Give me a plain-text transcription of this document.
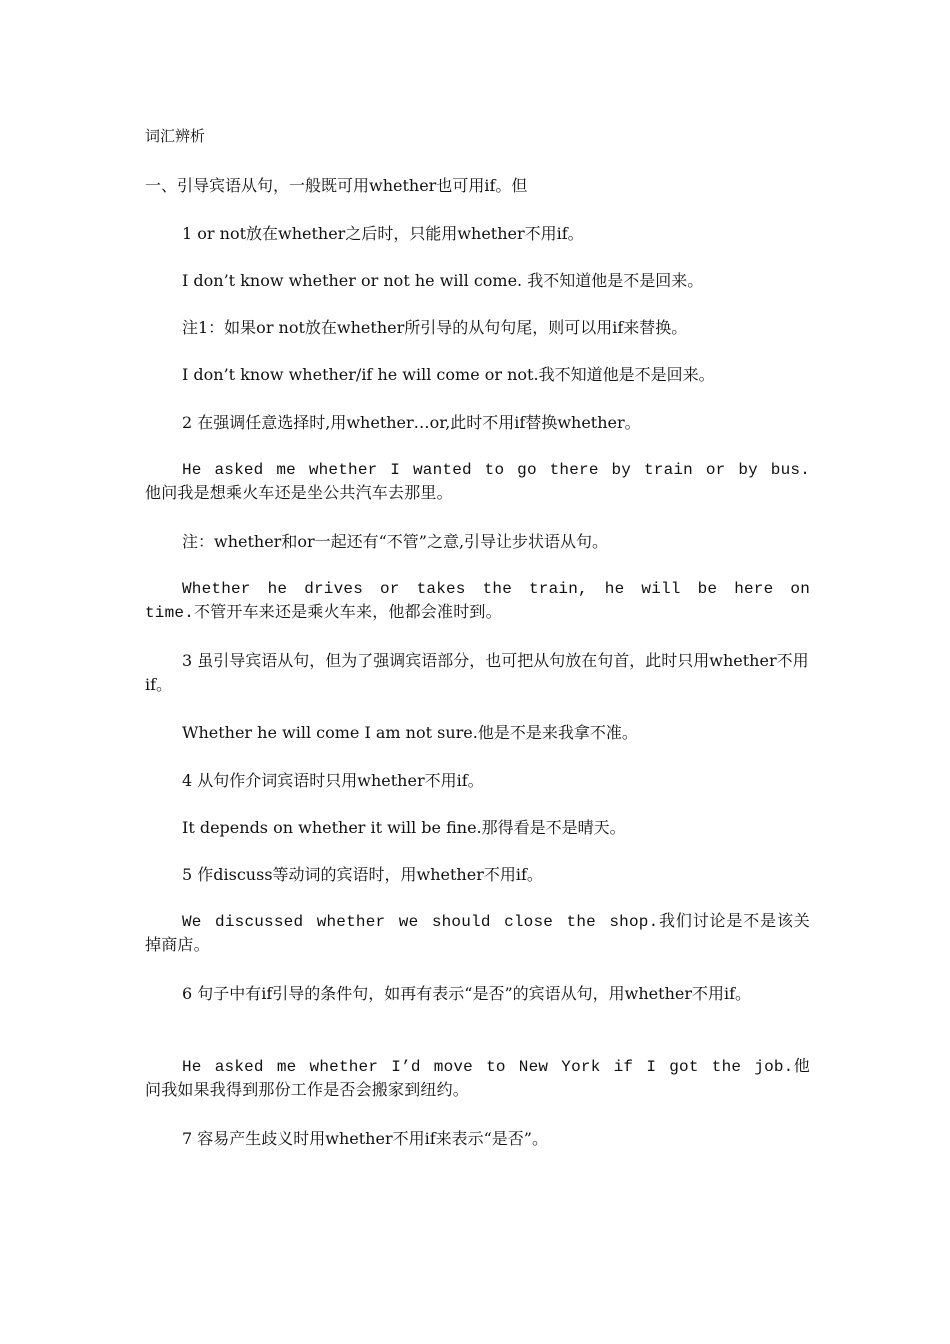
词汇辨析

一、引导宾语从句，一般既可用whether也可用if。但

1 or not放在whether之后时，只能用whether不用if。

I don’t know whether or not he will come. 我不知道他是不是回来。

注1：如果or not放在whether所引导的从句句尾，则可以用if来替换。

I don’t know whether/if he will come or not.我不知道他是不是回来。

2 在强调任意选择时,用whether…or,此时不用if替换whether。

He asked me whether I wanted to go there by train or by bus.他问我是想乘火车还是坐公共汽车去那里。

注：whether和or一起还有“不管”之意,引导让步状语从句。

Whether he drives or takes the train, he will be here on time.不管开车来还是乘火车来，他都会准时到。

3 虽引导宾语从句，但为了强调宾语部分，也可把从句放在句首，此时只用whether不用if。

Whether he will come I am not sure.他是不是来我拿不准。

4 从句作介词宾语时只用whether不用if。

It depends on whether it will be fine.那得看是不是晴天。

5 作discuss等动词的宾语时，用whether不用if。

We discussed whether we should close the shop.我们讨论是不是该关掉商店。

6 句子中有if引导的条件句，如再有表示“是否”的宾语从句，用whether不用if。

He asked me whether I’d move to New York if I got the job.他问我如果我得到那份工作是否会搬家到纽约。

7 容易产生歧义时用whether不用if来表示“是否”。
